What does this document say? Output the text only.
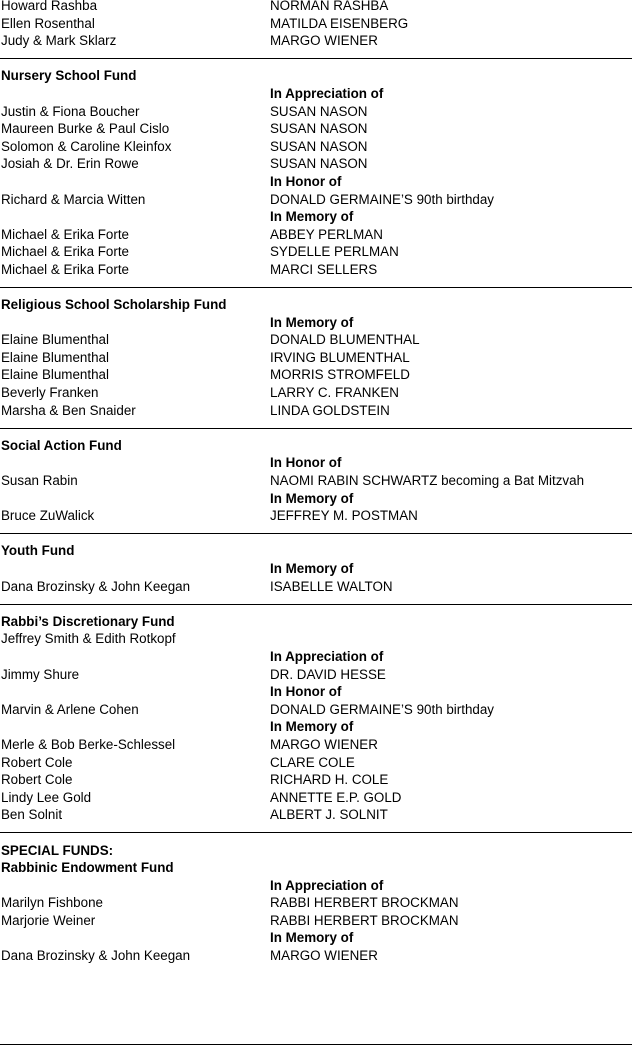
Howard Rashba	NORMAN RASHBA
Ellen Rosenthal	MATILDA EISENBERG
Judy & Mark Sklarz	MARGO WIENER
Nursery School Fund
In Appreciation of
Justin & Fiona Boucher	SUSAN NASON
Maureen Burke & Paul Cislo	SUSAN NASON
Solomon & Caroline Kleinfox	SUSAN NASON
Josiah & Dr. Erin Rowe	SUSAN NASON
In Honor of
Richard & Marcia Witten	DONALD GERMAINE’S 90th birthday
In Memory of
Michael & Erika Forte	ABBEY PERLMAN
Michael & Erika Forte	SYDELLE PERLMAN
Michael & Erika Forte	MARCI SELLERS
Religious School Scholarship Fund
In Memory of
Elaine Blumenthal	DONALD BLUMENTHAL
Elaine Blumenthal	IRVING BLUMENTHAL
Elaine Blumenthal	MORRIS STROMFELD
Beverly Franken	LARRY C. FRANKEN
Marsha & Ben Snaider	LINDA GOLDSTEIN
Social Action Fund
In Honor of
Susan Rabin	NAOMI RABIN SCHWARTZ becoming a Bat Mitzvah
In Memory of
Bruce ZuWalick	JEFFREY M. POSTMAN
Youth Fund
In Memory of
Dana Brozinsky & John Keegan	ISABELLE WALTON
Rabbi’s Discretionary Fund
Jeffrey Smith & Edith Rotkopf
In Appreciation of
Jimmy Shure	DR. DAVID HESSE
In Honor of
Marvin & Arlene Cohen	DONALD GERMAINE’S 90th birthday
In Memory of
Merle & Bob Berke-Schlessel	MARGO WIENER
Robert Cole	CLARE COLE
Robert Cole	RICHARD H. COLE
Lindy Lee Gold	ANNETTE E.P. GOLD
Ben Solnit	ALBERT J. SOLNIT
SPECIAL FUNDS:
Rabbinic Endowment Fund
In Appreciation of
Marilyn Fishbone	RABBI HERBERT BROCKMAN
Marjorie Weiner	RABBI HERBERT BROCKMAN
In Memory of
Dana Brozinsky & John Keegan	MARGO WIENER
